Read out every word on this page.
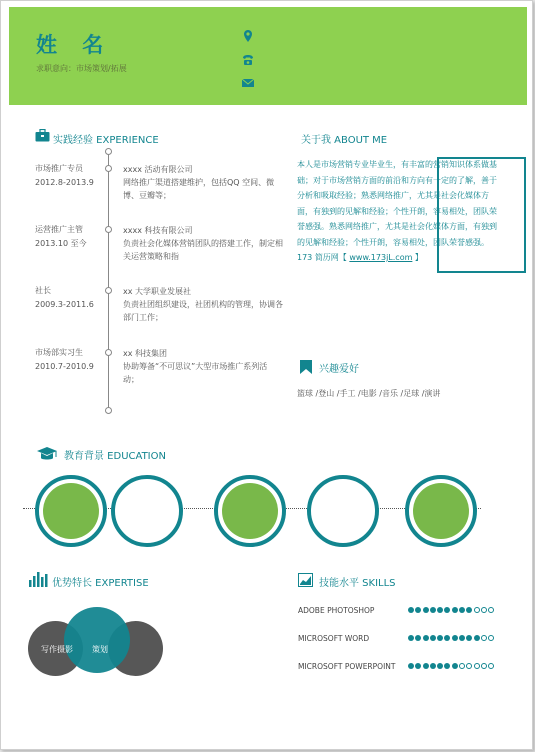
姓 名
求职意向：市场策划/拓展
实践经验 EXPERIENCE
市场推广专员
2012.8-2013.9
xxxx 活动有限公司
网络推广渠道搭建维护，包括QQ 空间、微博、豆瓣等；
运营推广主管
2013.10 至今
xxxx 科技有限公司
负责社会化媒体营销团队的搭建工作，制定相关运营策略和指
社长
2009.3-2011.6
xx 大学职业发展社
负责社团组织建设，社团机构的管理，协调各部门工作；
市场部实习生
2010.7-2010.9
xx 科技集团
协助筹备“不可思议”大型市场推广系列活动；
关于我 ABOUT ME
本人是市场营销专业毕业生，有丰富的营销知识体系做基础；对于市场营销方面的前沿和方向有一定的了解，善于分析和吸取经验；熟悉网络推广，尤其是社会化媒体方面，有独到的见解和经验；个性开朗，容易相处，团队荣誉感强。熟悉网络推广，尤其是社会化媒体方面，有独到的见解和经验；个性开朗，容易相处，团队荣誉感强。173 简历网【 www.173jL.com 】
兴趣爱好
篮球 /登山 /手工 /电影 /音乐 /足球 /演讲
教育背景 EDUCATION
优势特长 EXPERTISE
写作摄影 策划
技能水平 SKILLS
ADOBE PHOTOSHOP
MICROSOFT WORD
MICROSOFT POWERPOINT
